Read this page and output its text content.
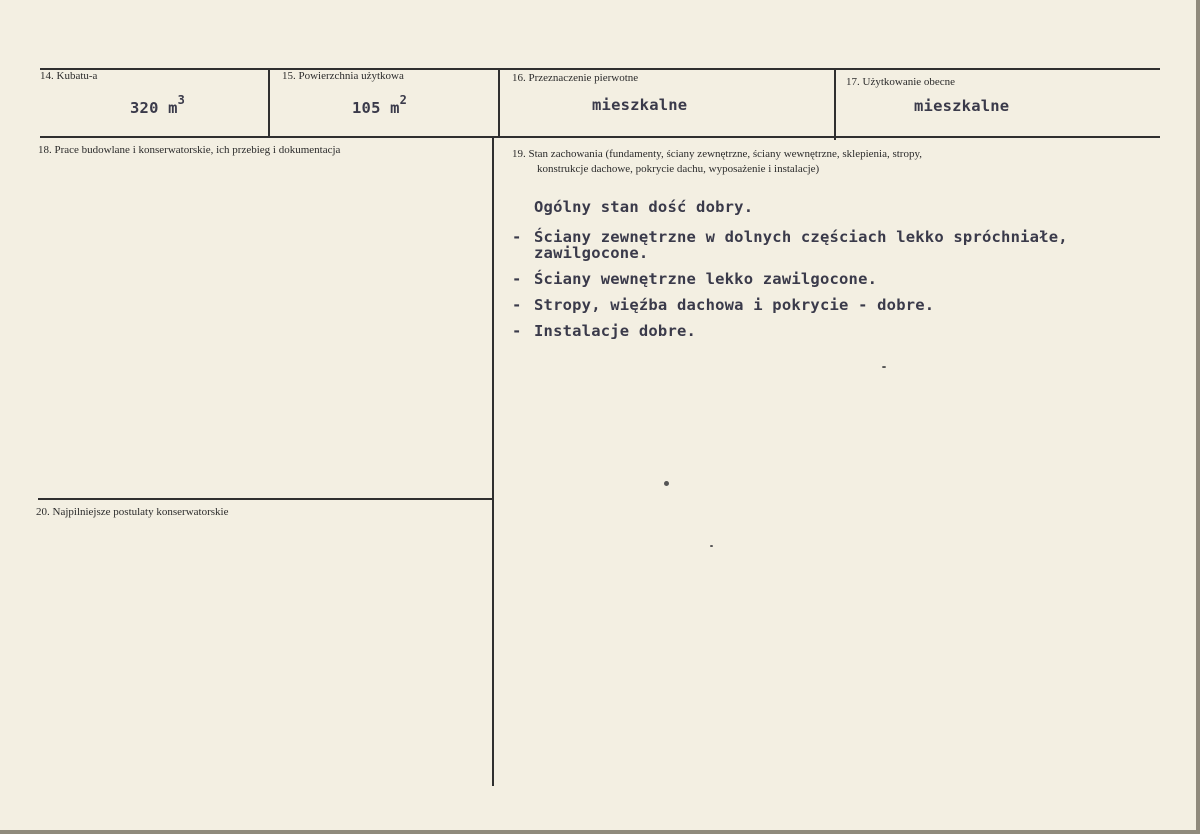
14. Kubatu-a
320 $m^3$
15. Powierzchnia użytkowa
105 $m^2$
16. Przeznaczenie pierwotne
mieszkalne
17. Użytkowanie obecne
mieszkalne
18. Prace budowlane i konserwatorskie, ich przebieg i dokumentacja	19. Stan zachowania (fundamenty, ściany zewnętrzne, ściany wewnętrzne, sklepienia, stropy,
konstrukcje dachowe, pokrycie dachu, wyposażenie i instalacje)
Ogólny stan dość dobry.
- Ściany zewnętrzne w dolnych częściach lekko spróchniałe,
zawilgocone.
- Ściany wewnętrzne lekko zawilgocone.
- Stropy, więźba dachowa i pokrycie - dobre.
- Instalacje dobre.
20. Najpilniejsze postulaty konserwatorskie
